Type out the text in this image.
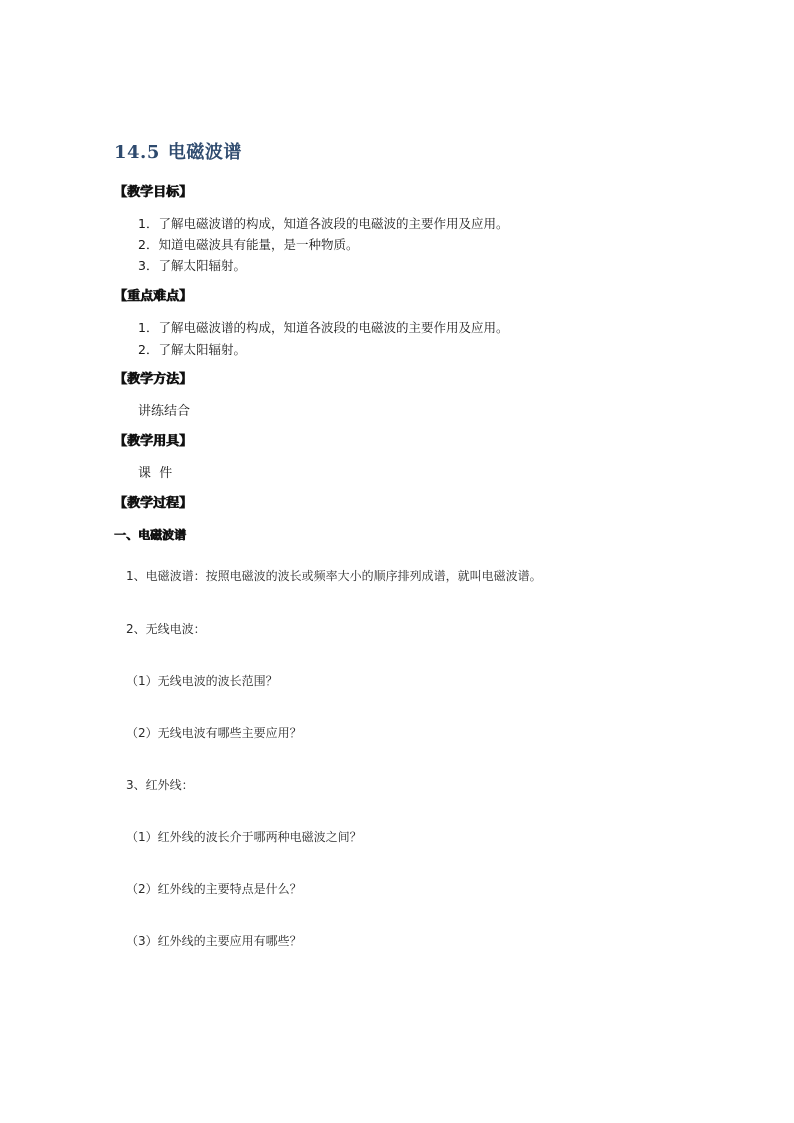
14.5 电磁波谱
【教学目标】
1．了解电磁波谱的构成，知道各波段的电磁波的主要作用及应用。
2．知道电磁波具有能量，是一种物质。
3．了解太阳辐射。
【重点难点】
1．了解电磁波谱的构成，知道各波段的电磁波的主要作用及应用。
2．了解太阳辐射。
【教学方法】
讲练结合
【教学用具】
课  件
【教学过程】
一、电磁波谱
1、电磁波谱：按照电磁波的波长或频率大小的顺序排列成谱，就叫电磁波谱。
2、无线电波：
（1）无线电波的波长范围？
（2）无线电波有哪些主要应用？
3、红外线：
（1）红外线的波长介于哪两种电磁波之间？
（2）红外线的主要特点是什么？
（3）红外线的主要应用有哪些？
